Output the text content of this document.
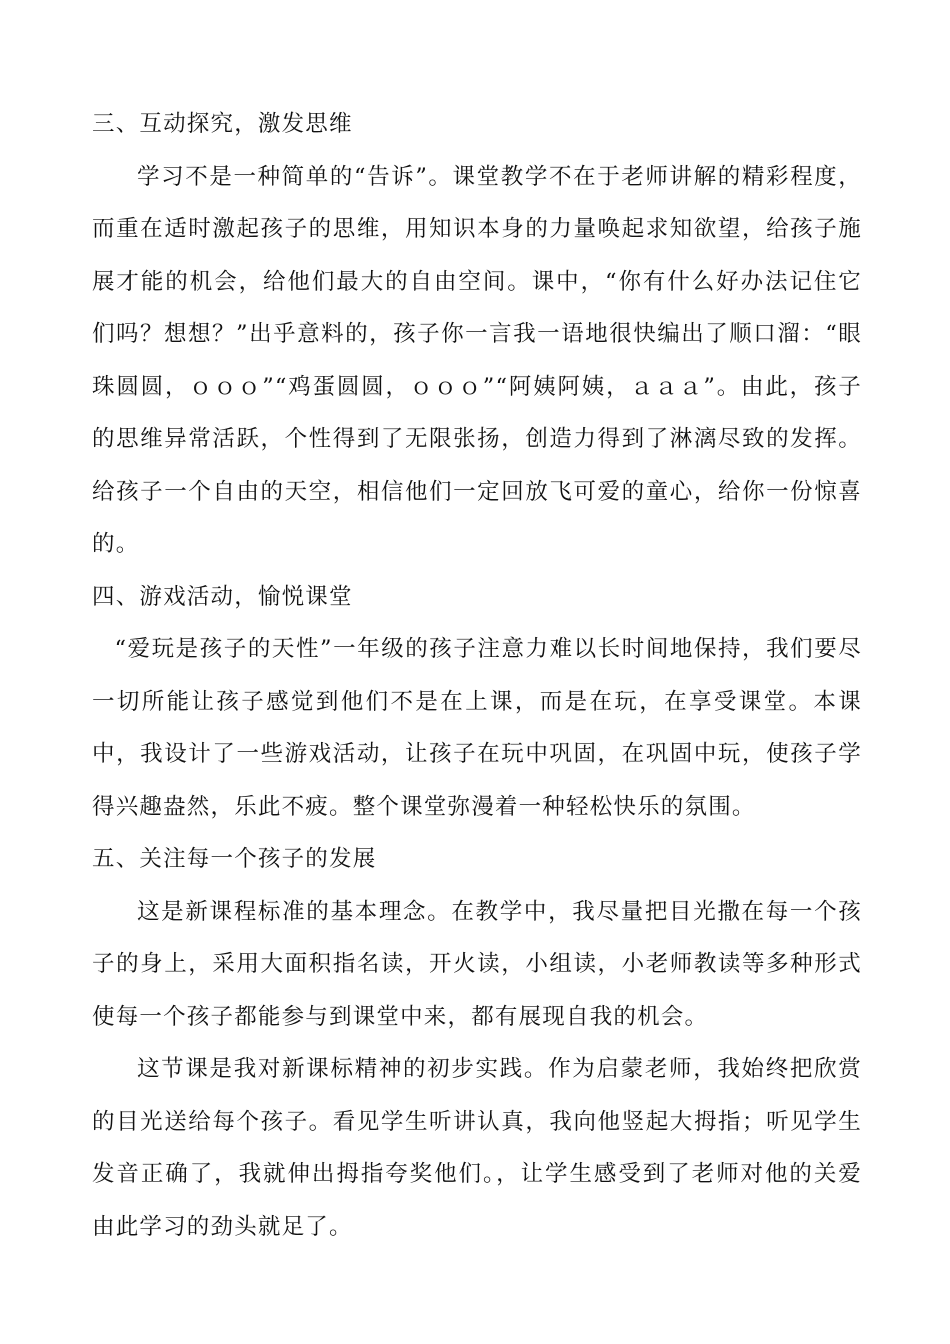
三、互动探究，激发思维

学习不是一种简单的“告诉”。课堂教学不在于老师讲解的精彩程度，而重在适时激起孩子的思维，用知识本身的力量唤起求知欲望，给孩子施展才能的机会，给他们最大的自由空间。课中，“你有什么好办法记住它们吗？想想？”出乎意料的，孩子你一言我一语地很快编出了顺口溜：“眼珠圆圆，ｏｏｏ”“鸡蛋圆圆，ｏｏｏ”“阿姨阿姨，ａａａ”。由此，孩子的思维异常活跃，个性得到了无限张扬，创造力得到了淋漓尽致的发挥。给孩子一个自由的天空，相信他们一定回放飞可爱的童心，给你一份惊喜的。

四、游戏活动，愉悦课堂

“爱玩是孩子的天性”一年级的孩子注意力难以长时间地保持，我们要尽一切所能让孩子感觉到他们不是在上课，而是在玩，在享受课堂。本课中，我设计了一些游戏活动，让孩子在玩中巩固，在巩固中玩，使孩子学得兴趣盎然，乐此不疲。整个课堂弥漫着一种轻松快乐的氛围。

五、关注每一个孩子的发展

这是新课程标准的基本理念。在教学中，我尽量把目光撒在每一个孩子的身上，采用大面积指名读，开火读，小组读，小老师教读等多种形式使每一个孩子都能参与到课堂中来，都有展现自我的机会。

这节课是我对新课标精神的初步实践。作为启蒙老师，我始终把欣赏的目光送给每个孩子。看见学生听讲认真，我向他竖起大拇指；听见学生发音正确了，我就伸出拇指夸奖他们。，让学生感受到了老师对他的关爱由此学习的劲头就足了。
